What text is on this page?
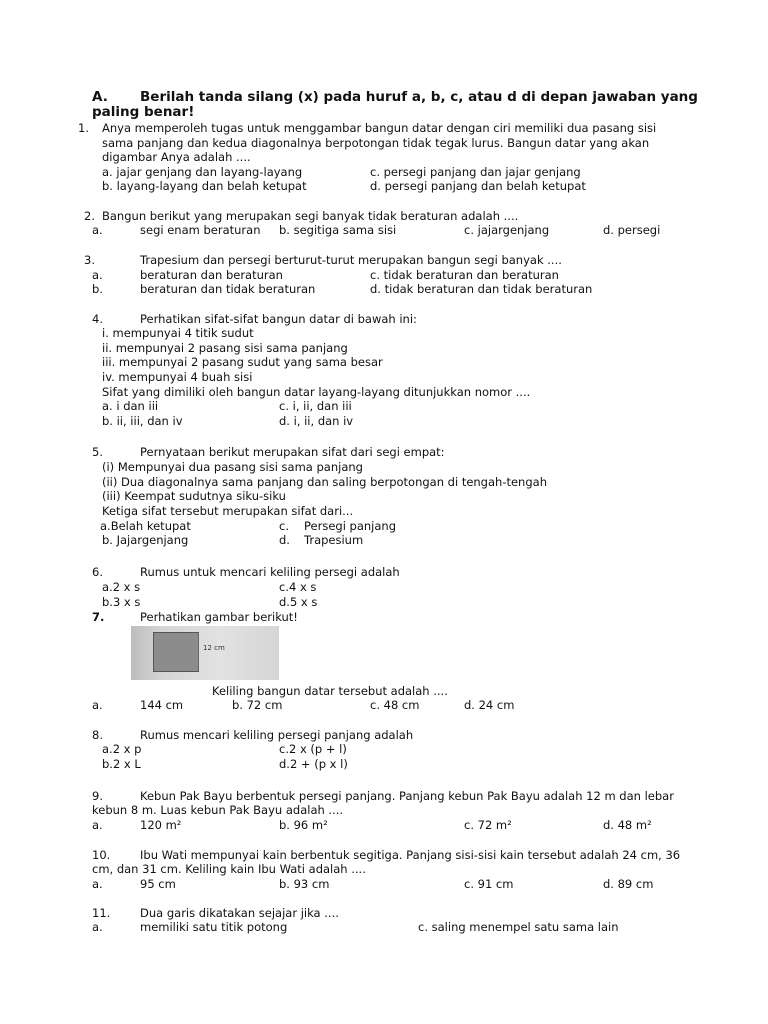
A. Berilah tanda silang (x) pada huruf a, b, c, atau d di depan jawaban yang
paling benar!
1. Anya memperoleh tugas untuk menggambar bangun datar dengan ciri memiliki dua pasang sisi
sama panjang dan kedua diagonalnya berpotongan tidak tegak lurus. Bangun datar yang akan
digambar Anya adalah ....
a. jajar genjang dan layang-layang	c. persegi panjang dan jajar genjang
b. layang-layang dan belah ketupat	d. persegi panjang dan belah ketupat
2. Bangun berikut yang merupakan segi banyak tidak beraturan adalah ....
a.	segi enam beraturan b. segitiga sama sisi	c. jajargenjang	d. persegi
3.	Trapesium dan persegi berturut-turut merupakan bangun segi banyak ....
a.	beraturan dan beraturan	c. tidak beraturan dan beraturan
b.	beraturan dan tidak beraturan	d. tidak beraturan dan tidak beraturan
4.	Perhatikan sifat-sifat bangun datar di bawah ini:
i. mempunyai 4 titik sudut
ii. mempunyai 2 pasang sisi sama panjang
iii. mempunyai 2 pasang sudut yang sama besar
iv. mempunyai 4 buah sisi
Sifat yang dimiliki oleh bangun datar layang-layang ditunjukkan nomor ....
a. i dan iii	c. i, ii, dan iii
b. ii, iii, dan iv	d. i, ii, dan iv
5.	Pernyataan berikut merupakan sifat dari segi empat:
(i) Mempunyai dua pasang sisi sama panjang
(ii) Dua diagonalnya sama panjang dan saling berpotongan di tengah-tengah
(iii) Keempat sudutnya siku-siku
Ketiga sifat tersebut merupakan sifat dari...
a.Belah ketupat	c. Persegi panjang
b. Jajargenjang	d. Trapesium
6.	Rumus untuk mencari keliling persegi adalah
a.2 x s	c.4 x s
b.3 x s	d.5 x s
7.	Perhatikan gambar berikut!
12 cm
Keliling bangun datar tersebut adalah ....
a.	144 cm	b. 72 cm	c. 48 cm	d. 24 cm
8.	Rumus mencari keliling persegi panjang adalah
a.2 x p	c.2 x (p + l)
b.2 x L	d.2 + (p x l)
9.	Kebun Pak Bayu berbentuk persegi panjang. Panjang kebun Pak Bayu adalah 12 m dan lebar
kebun 8 m. Luas kebun Pak Bayu adalah ....
a.	120 m²	b. 96 m²	c. 72 m²	d. 48 m²
10.	Ibu Wati mempunyai kain berbentuk segitiga. Panjang sisi-sisi kain tersebut adalah 24 cm, 36
cm, dan 31 cm. Keliling kain Ibu Wati adalah ....
a.	95 cm	b. 93 cm	c. 91 cm	d. 89 cm
11.	Dua garis dikatakan sejajar jika ....
a.	memiliki satu titik potong	c. saling menempel satu sama lain
